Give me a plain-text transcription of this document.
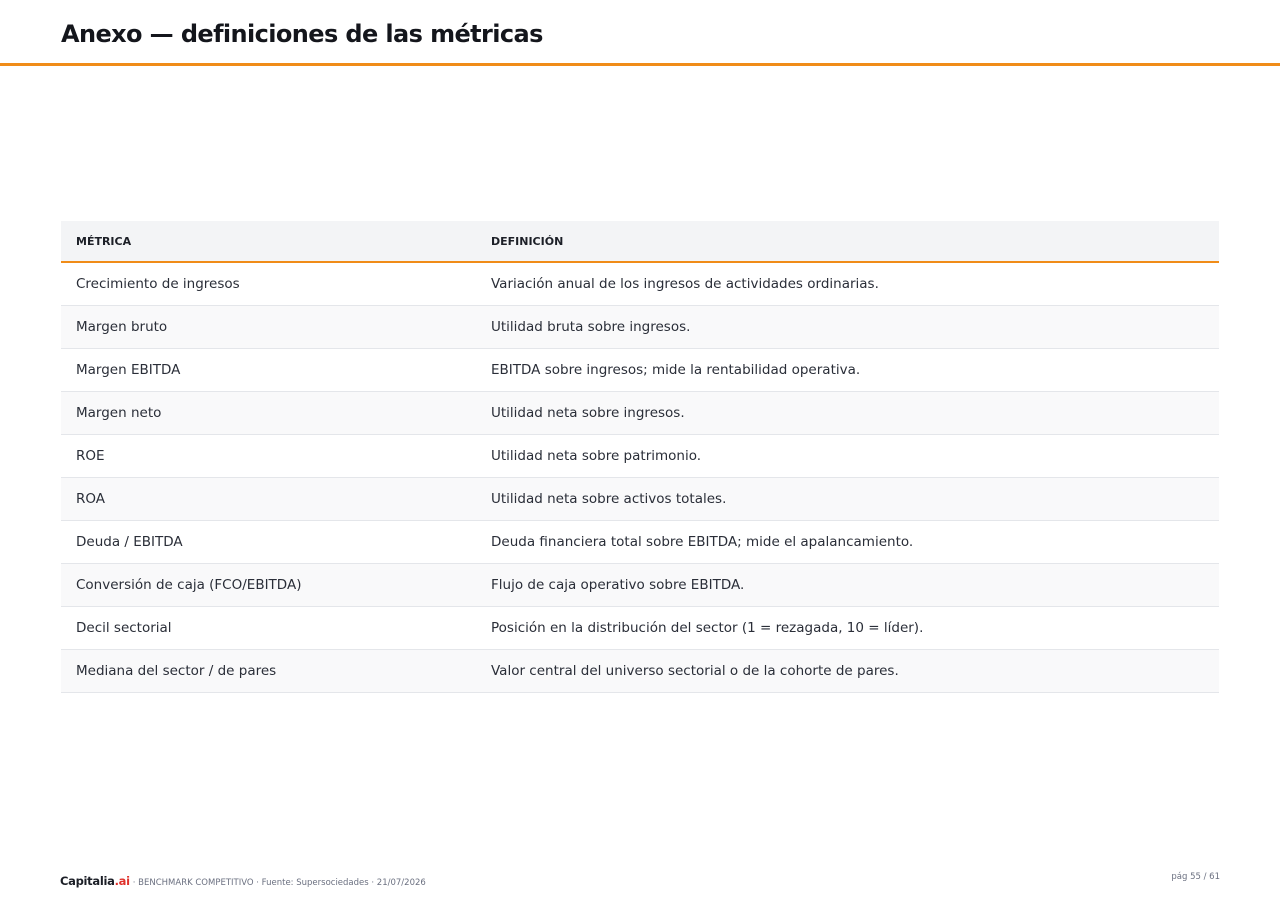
Anexo — definiciones de las métricas
MÉTRICA	DEFINICIÓN
Crecimiento de ingresos	Variación anual de los ingresos de actividades ordinarias.
Margen bruto	Utilidad bruta sobre ingresos.
Margen EBITDA	EBITDA sobre ingresos; mide la rentabilidad operativa.
Margen neto	Utilidad neta sobre ingresos.
ROE	Utilidad neta sobre patrimonio.
ROA	Utilidad neta sobre activos totales.
Deuda / EBITDA	Deuda financiera total sobre EBITDA; mide el apalancamiento.
Conversión de caja (FCO/EBITDA)	Flujo de caja operativo sobre EBITDA.
Decil sectorial	Posición en la distribución del sector (1 = rezagada, 10 = líder).
Mediana del sector / de pares	Valor central del universo sectorial o de la cohorte de pares.
Capitalia.ai · BENCHMARK COMPETITIVO · Fuente: Supersociedades · 21/07/2026
pág 55 / 61
